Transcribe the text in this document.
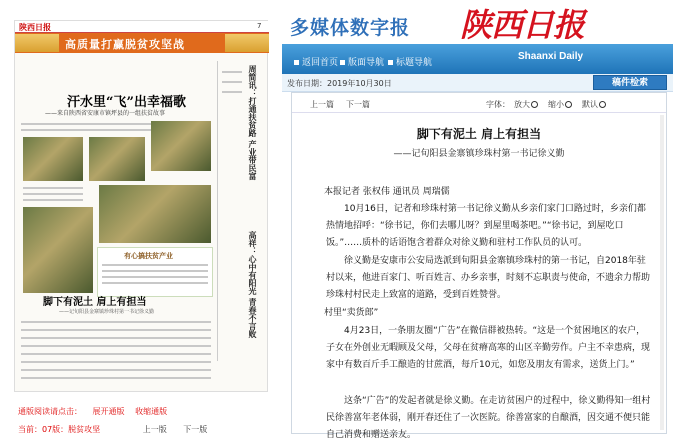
陕西日报	7
高质量打赢脱贫攻坚战
汗水里“飞”出幸福歌
——来自陕西省安康市镇坪县的一组扶贫故事
有心搞扶贫产业
周简讯：打通扶贫路 产业带民富
高祥：心中有阳光 青春不言败
脚下有泥土 肩上有担当
——记旬阳县金寨镇珍珠村第一书记徐义勤
通版阅读请点击： 展开通版 收缩通版
当前：07版：脱贫攻坚	上一版 下一版
多媒体数字报 陕西日报
返回首页	版面导航	标题导航
Shaanxi Daily
发布日期：2019年10月30日	稿件检索
上一篇 下一篇	字体： 放大	缩小	默认
脚下有泥土 肩上有担当
——记旬阳县金寨镇珍珠村第一书记徐义勤
本报记者 张权伟 通讯员 周瑞儒
10月16日，记者和珍珠村第一书记徐义勤从乡亲们家门口路过时，乡亲们都热情地招呼：“徐书记，你们去哪儿呀？到屋里喝茶吧。”“徐书记，到屋吃口饭。”……质朴的话语饱含着群众对徐义勤和驻村工作队员的认可。
徐义勤是安康市公安局选派到旬阳县金寨镇珍珠村的第一书记，自2018年驻村以来，他进百家门、听百姓言、办乡亲事，时刻不忘职责与使命，不遗余力帮助珍珠村村民走上致富的道路，受到百姓赞誉。
村里“卖货郎”
4月23日，一条朋友圈“广告”在微信群被热转。“这是一个贫困地区的农户，子女在外创业无暇顾及父母，父母在贫瘠高寒的山区辛勤劳作。户主不幸患病，现家中有数百斤手工酿造的甘蔗酒，每斤10元，如您及朋友有需求，送货上门。”
这条“广告”的发起者就是徐义勤。在走访贫困户的过程中，徐义勤得知一组村民徐善富年老体弱，刚开春还住了一次医院。徐善富家的自酿酒，因交通不便只能自己消费和赠送亲友。
